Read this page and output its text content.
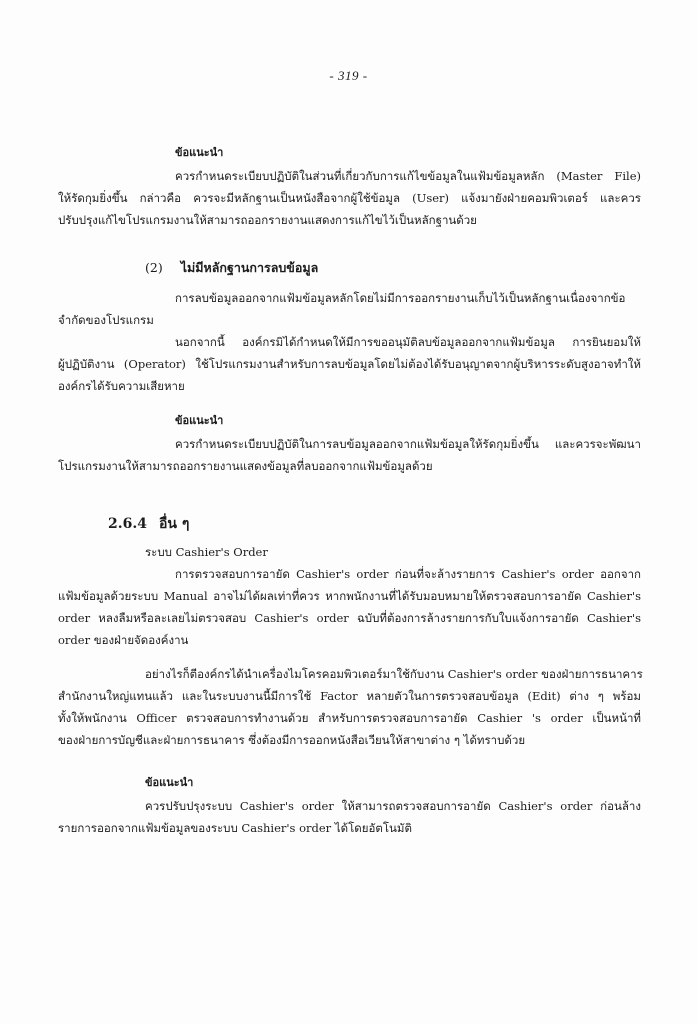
- 319 -
ข้อแนะนำ
ควรกำหนดระเบียบปฏิบัติในส่วนที่เกี่ยวกับการแก้ไขข้อมูลในแฟ้มข้อมูลหลัก (Master File)
ให้รัดกุมยิ่งขึ้น กล่าวคือ ควรจะมีหลักฐานเป็นหนังสือจากผู้ใช้ข้อมูล (User) แจ้งมายังฝ่ายคอมพิวเตอร์ และควร
ปรับปรุงแก้ไขโปรแกรมงานให้สามารถออกรายงานแสดงการแก้ไขไว้เป็นหลักฐานด้วย
(2) ไม่มีหลักฐานการลบข้อมูล
การลบข้อมูลออกจากแฟ้มข้อมูลหลักโดยไม่มีการออกรายงานเก็บไว้เป็นหลักฐานเนื่องจากข้อ
จำกัดของโปรแกรม
นอกจากนี้ องค์กรมิได้กำหนดให้มีการขออนุมัติลบข้อมูลออกจากแฟ้มข้อมูล การยินยอมให้
ผู้ปฏิบัติงาน (Operator) ใช้โปรแกรมงานสำหรับการลบข้อมูลโดยไม่ต้องได้รับอนุญาตจากผู้บริหารระดับสูงอาจทำให้
องค์กรได้รับความเสียหาย
ข้อแนะนำ
ควรกำหนดระเบียบปฏิบัติในการลบข้อมูลออกจากแฟ้มข้อมูลให้รัดกุมยิ่งขึ้น และควรจะพัฒนา
โปรแกรมงานให้สามารถออกรายงานแสดงข้อมูลที่ลบออกจากแฟ้มข้อมูลด้วย
2.6.4 อื่น ๆ
ระบบ Cashier's Order
การตรวจสอบการอายัด Cashier's order ก่อนที่จะล้างรายการ Cashier's order ออกจาก
แฟ้มข้อมูลด้วยระบบ Manual อาจไม่ได้ผลเท่าที่ควร หากพนักงานที่ได้รับมอบหมายให้ตรวจสอบการอายัด Cashier's
order หลงลืมหรือละเลยไม่ตรวจสอบ Cashier's order ฉบับที่ต้องการล้างรายการกับใบแจ้งการอายัด Cashier's
order ของฝ่ายจัดองค์งาน
อย่างไรก็ตีองค์กรได้นำเครื่องไมโครคอมพิวเตอร์มาใช้กับงาน Cashier's order ของฝ่ายการธนาคาร
สำนักงานใหญ่แทนแล้ว และในระบบงานนี้มีการใช้ Factor หลายตัวในการตรวจสอบข้อมูล (Edit) ต่าง ๆ พร้อม
ทั้งให้พนักงาน Officer ตรวจสอบการทำงานด้วย สำหรับการตรวจสอบการอายัด Cashier 's order เป็นหน้าที่
ของฝ่ายการบัญชีและฝ่ายการธนาคาร ซึ่งต้องมีการออกหนังสือเวียนให้สาขาต่าง ๆ ได้ทราบด้วย
ข้อแนะนำ
ควรปรับปรุงระบบ Cashier's order ให้สามารถตรวจสอบการอายัด Cashier's order ก่อนล้าง
รายการออกจากแฟ้มข้อมูลของระบบ Cashier's order ได้โดยอัตโนมัติ
